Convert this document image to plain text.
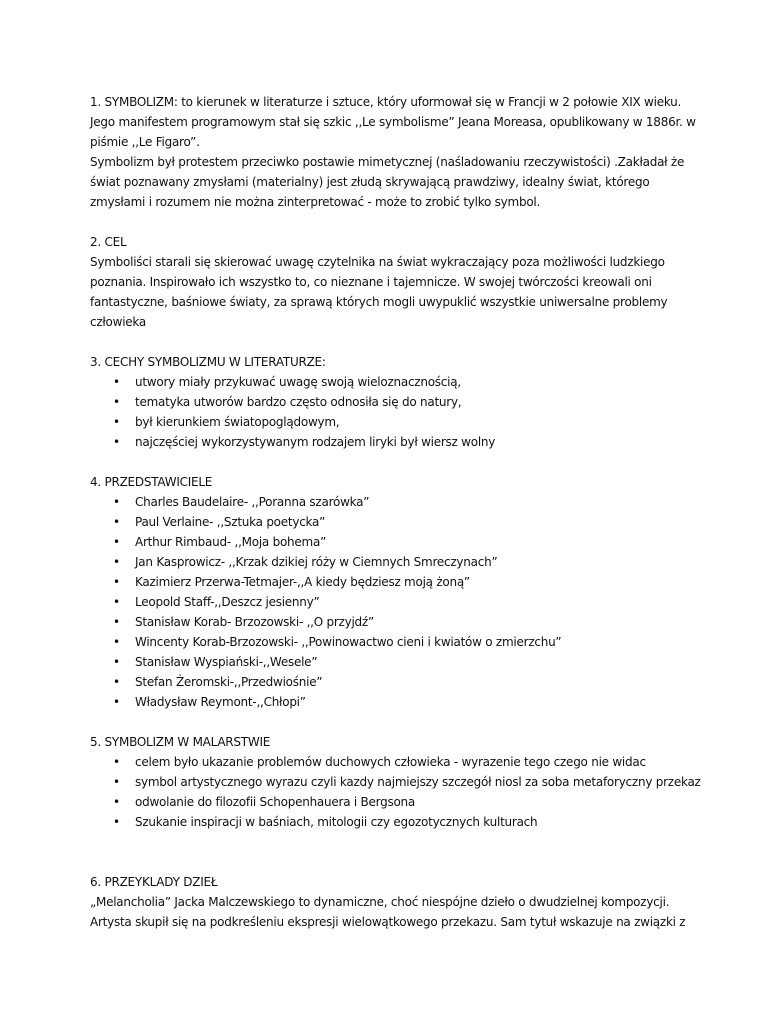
1. SYMBOLIZM: to kierunek w literaturze i sztuce, który uformował się w Francji w 2 połowie XIX wieku.
Jego manifestem programowym stał się szkic ,,Le symbolisme” Jeana Moreasa, opublikowany w 1886r. w
piśmie ,,Le Figaro”.
Symbolizm był protestem przeciwko postawie mimetycznej (naśladowaniu rzeczywistości) .Zakładał że
świat poznawany zmysłami (materialny) jest złudą skrywającą prawdziwy, idealny świat, którego
zmysłami i rozumem nie można zinterpretować - może to zrobić tylko symbol.
2. CEL
Symboliści starali się skierować uwagę czytelnika na świat wykraczający poza możliwości ludzkiego
poznania. Inspirowało ich wszystko to, co nieznane i tajemnicze. W swojej twórczości kreowali oni
fantastyczne, baśniowe światy, za sprawą których mogli uwypuklić wszystkie uniwersalne problemy
człowieka
3. CECHY SYMBOLIZMU W LITERATURZE:
• utwory miały przykuwać uwagę swoją wieloznacznością,
• tematyka utworów bardzo często odnosiła się do natury,
• był kierunkiem światopoglądowym,
• najczęściej wykorzystywanym rodzajem liryki był wiersz wolny
4. PRZEDSTAWICIELE
• Charles Baudelaire- ,,Poranna szarówka”
• Paul Verlaine- ,,Sztuka poetycka”
• Arthur Rimbaud- ,,Moja bohema”
• Jan Kasprowicz- ,,Krzak dzikiej róży w Ciemnych Smreczynach”
• Kazimierz Przerwa-Tetmajer-,,A kiedy będziesz moją żoną”
• Leopold Staff-,,Deszcz jesienny”
• Stanisław Korab- Brzozowski- ,,O przyjdź”
• Wincenty Korab-Brzozowski- ,,Powinowactwo cieni i kwiatów o zmierzchu”
• Stanisław Wyspiański-,,Wesele”
• Stefan Żeromski-,,Przedwiośnie”
• Władysław Reymont-,,Chłopi”
5. SYMBOLIZM W MALARSTWIE
• celem było ukazanie problemów duchowych człowieka - wyrazenie tego czego nie widac
• symbol artystycznego wyrazu czyli kazdy najmiejszy szczegół niosl za soba metaforyczny przekaz
• odwolanie do filozofii Schopenhauera i Bergsona
• Szukanie inspiracji w baśniach, mitologii czy egozotycznych kulturach
6. PRZEYKLADY DZIEŁ
„Melancholia” Jacka Malczewskiego to dynamiczne, choć niespójne dzieło o dwudzielnej kompozycji.
Artysta skupił się na podkreśleniu ekspresji wielowątkowego przekazu. Sam tytuł wskazuje na związki z
